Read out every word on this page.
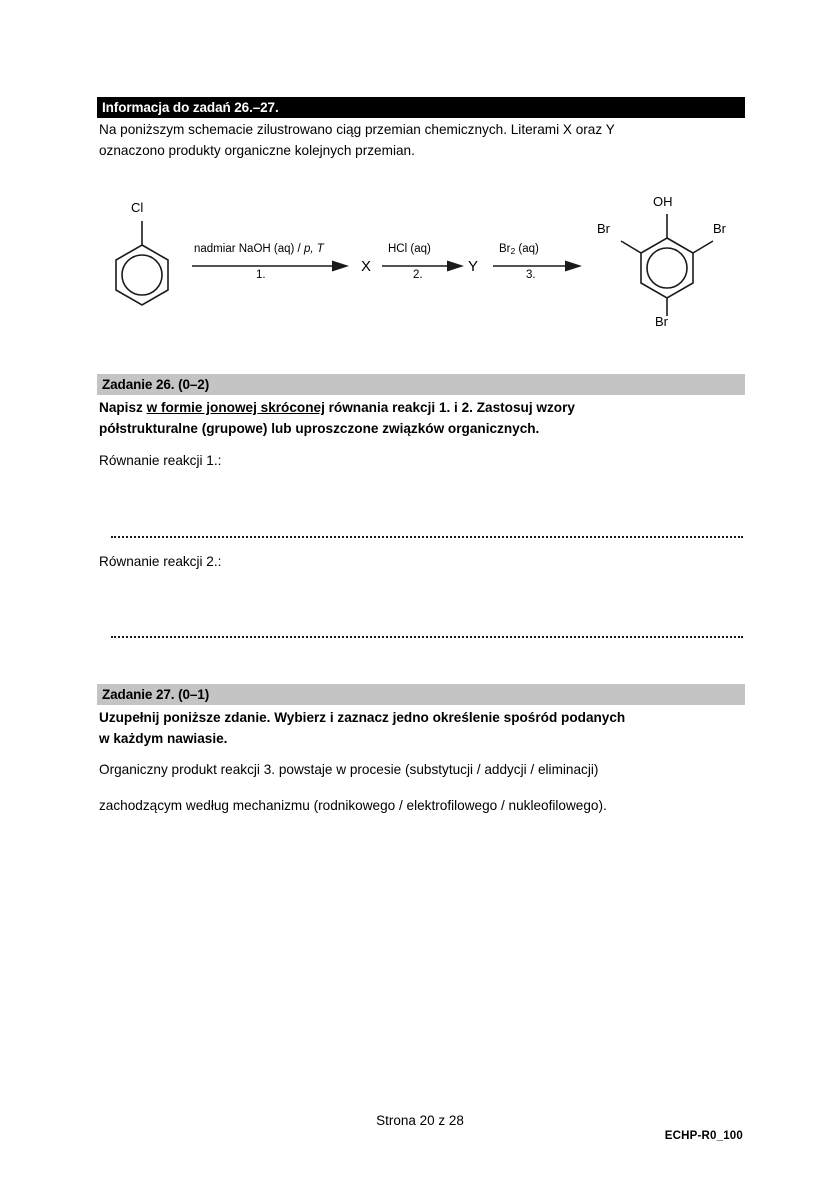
Informacja do zadań 26.–27.
Na poniższym schemacie zilustrowano ciąg przemian chemicznych. Literami X oraz Y
oznaczono produkty organiczne kolejnych przemian.
Cl
nadmiar NaOH (aq) / p, T
1.	X
HCl (aq)
2.	Y
$Br_2$ (aq)
3.
OH
Br	Br
Br
Zadanie 26. (0–2)
Napisz w formie jonowej skróconej równania reakcji 1. i 2. Zastosuj wzory
półstrukturalne (grupowe) lub uproszczone związków organicznych.
Równanie reakcji 1.:
Równanie reakcji 2.:
Zadanie 27. (0–1)
Uzupełnij poniższe zdanie. Wybierz i zaznacz jedno określenie spośród podanych
w każdym nawiasie.
Organiczny produkt reakcji 3. powstaje w procesie (substytucji / addycji / eliminacji)
zachodzącym według mechanizmu (rodnikowego / elektrofilowego / nukleofilowego).
Strona 20 z 28
ECHP-R0_100
